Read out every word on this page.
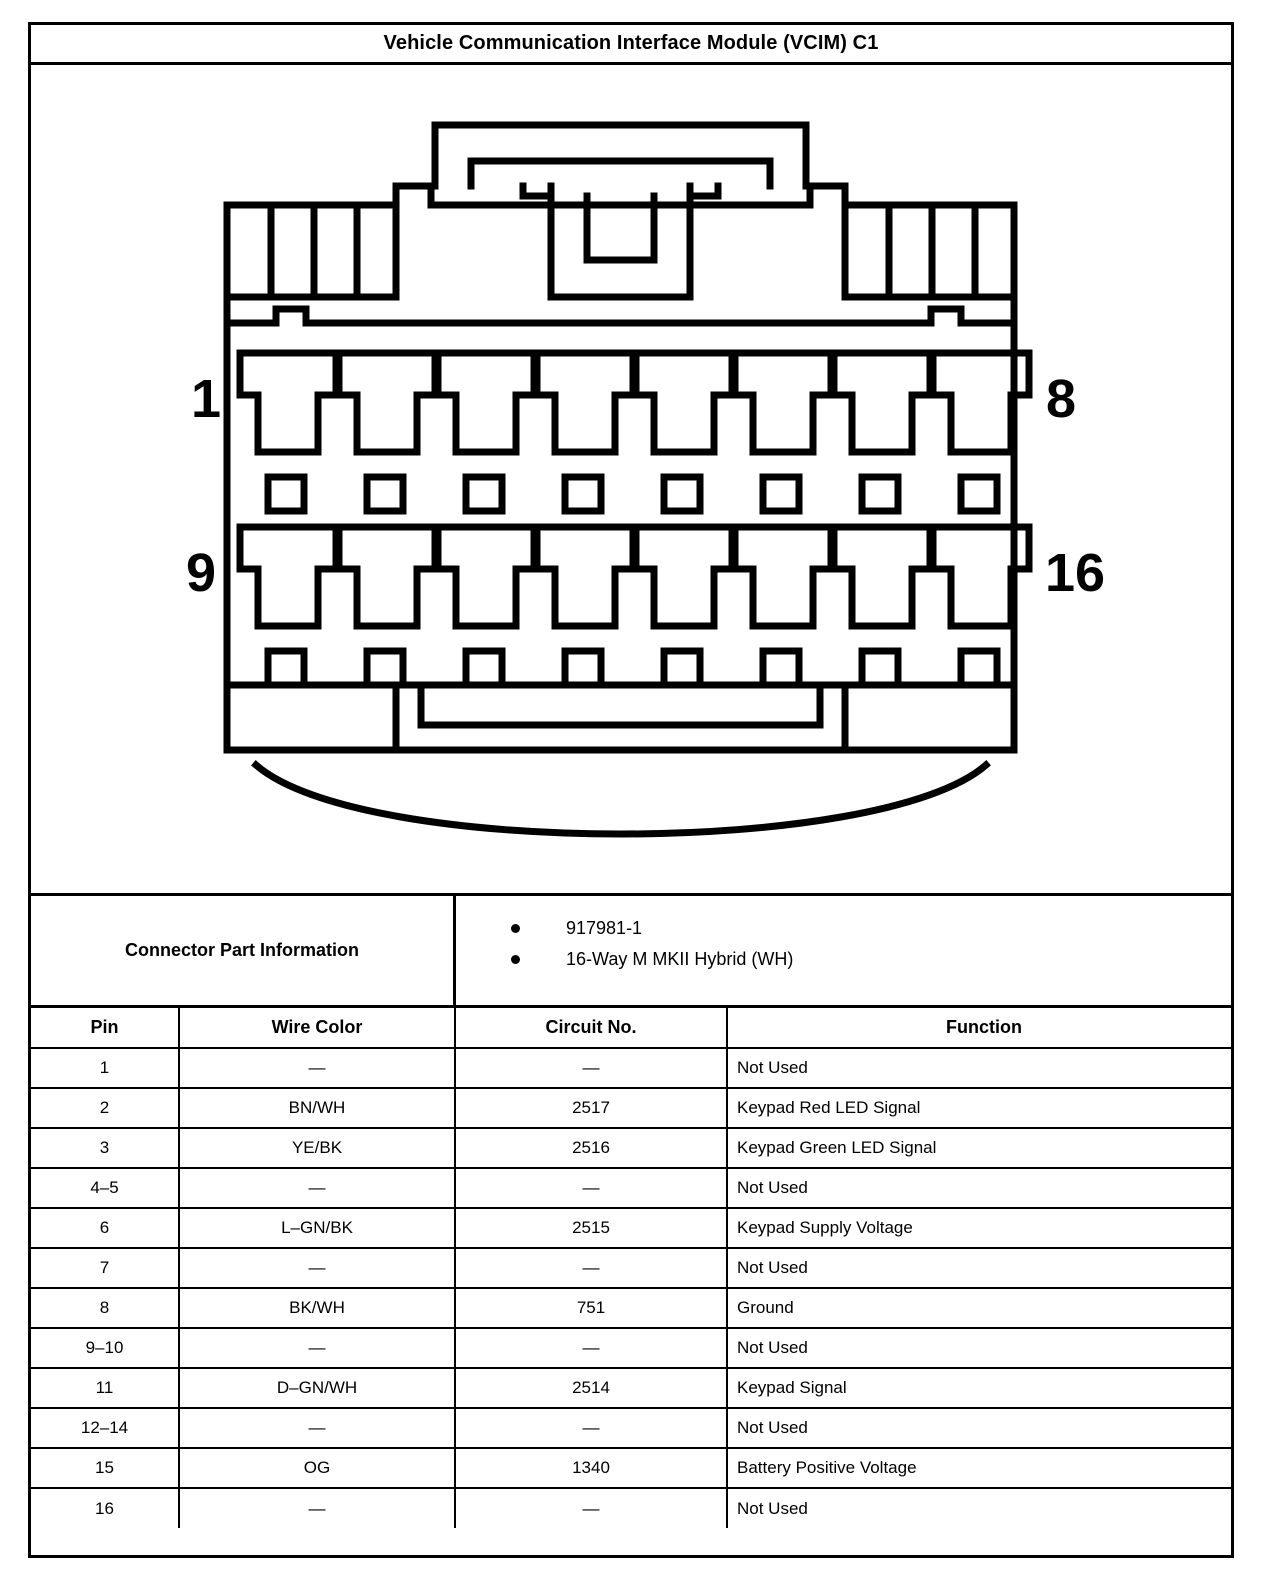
Vehicle Communication Interface Module (VCIM) C1
1	8
9	16
Connector Part Information
917981-1
16-Way M MKII Hybrid (WH)
Pin	Wire Color	Circuit No.	Function
1	—	—	Not Used
2	BN/WH	2517	Keypad Red LED Signal
3	YE/BK	2516	Keypad Green LED Signal
4–5	—	—	Not Used
6	L–GN/BK	2515	Keypad Supply Voltage
7	—	—	Not Used
8	BK/WH	751	Ground
9–10	—	—	Not Used
11	D–GN/WH	2514	Keypad Signal
12–14	—	—	Not Used
15	OG	1340	Battery Positive Voltage
16	—	—	Not Used
